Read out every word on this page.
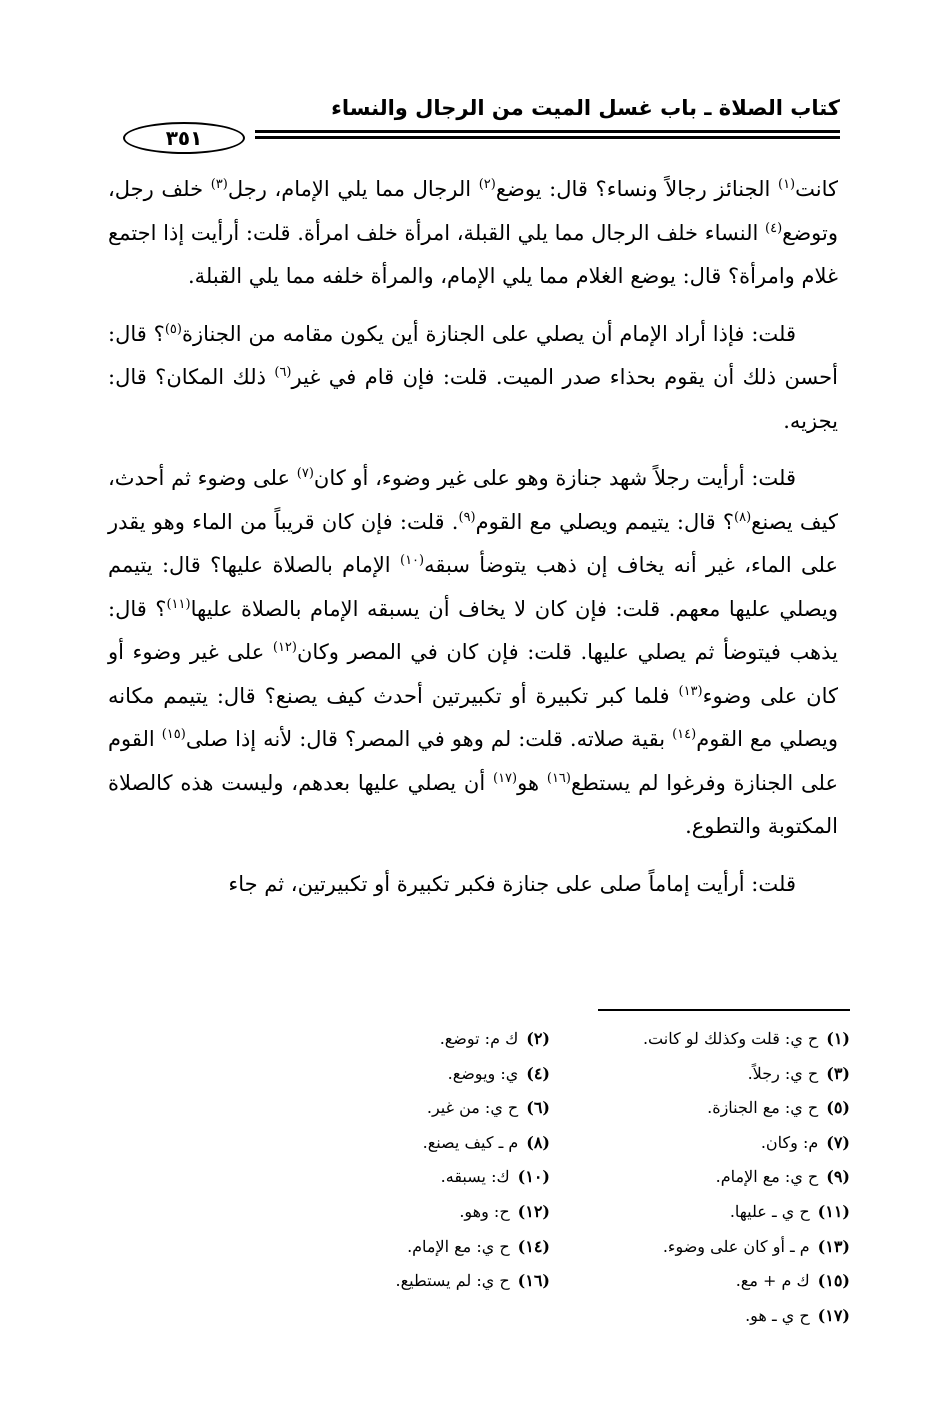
كتاب الصلاة ـ باب غسل الميت من الرجال والنساء
٣٥١

كانت$^{(١)}$ الجنائز رجالاً ونساء؟ قال: يوضع$^{(٢)}$ الرجال مما يلي الإمام، رجل$^{(٣)}$ خلف رجل، وتوضع$^{(٤)}$ النساء خلف الرجال مما يلي القبلة، امرأة خلف امرأة. قلت: أرأيت إذا اجتمع غلام وامرأة؟ قال: يوضع الغلام مما يلي الإمام، والمرأة خلفه مما يلي القبلة.

قلت: فإذا أراد الإمام أن يصلي على الجنازة أين يكون مقامه من الجنازة$^{(٥)}$؟ قال: أحسن ذلك أن يقوم بحذاء صدر الميت. قلت: فإن قام في غير$^{(٦)}$ ذلك المكان؟ قال: يجزيه.

قلت: أرأيت رجلاً شهد جنازة وهو على غير وضوء، أو كان$^{(٧)}$ على وضوء ثم أحدث، كيف يصنع$^{(٨)}$؟ قال: يتيمم ويصلي مع القوم$^{(٩)}$. قلت: فإن كان قريباً من الماء وهو يقدر على الماء، غير أنه يخاف إن ذهب يتوضأ سبقه$^{(١٠)}$ الإمام بالصلاة عليها؟ قال: يتيمم ويصلي عليها معهم. قلت: فإن كان لا يخاف أن يسبقه الإمام بالصلاة عليها$^{(١١)}$؟ قال: يذهب فيتوضأ ثم يصلي عليها. قلت: فإن كان في المصر وكان$^{(١٢)}$ على غير وضوء أو كان على وضوء$^{(١٣)}$ فلما كبر تكبيرة أو تكبيرتين أحدث كيف يصنع؟ قال: يتيمم مكانه ويصلي مع القوم$^{(١٤)}$ بقية صلاته. قلت: لم وهو في المصر؟ قال: لأنه إذا صلى$^{(١٥)}$ القوم على الجنازة وفرغوا لم يستطع$^{(١٦)}$ هو$^{(١٧)}$ أن يصلي عليها بعدهم، وليست هذه كالصلاة المكتوبة والتطوع.

قلت: أرأيت إماماً صلى على جنازة فكبر تكبيرة أو تكبيرتين، ثم جاء

(١)ح ي: قلت وكذلك لو كانت.
(٢)ك م: توضع.
(٣)ح ي: رجلاً.
(٤)ي: ويوضع.
(٥)ح ي: مع الجنازة.
(٦)ح ي: من غير.
(٧)م: وكان.
(٨)م ـ كيف يصنع.
(٩)ح ي: مع الإمام.
(١٠)ك: يسبقه.
(١١)ح ي ـ عليها.
(١٢)ح: وهو.
(١٣)م ـ أو كان على وضوء.
(١٤)ح ي: مع الإمام.
(١٥)ك م + مع.
(١٦)ح ي: لم يستطيع.
(١٧)ح ي ـ هو.
